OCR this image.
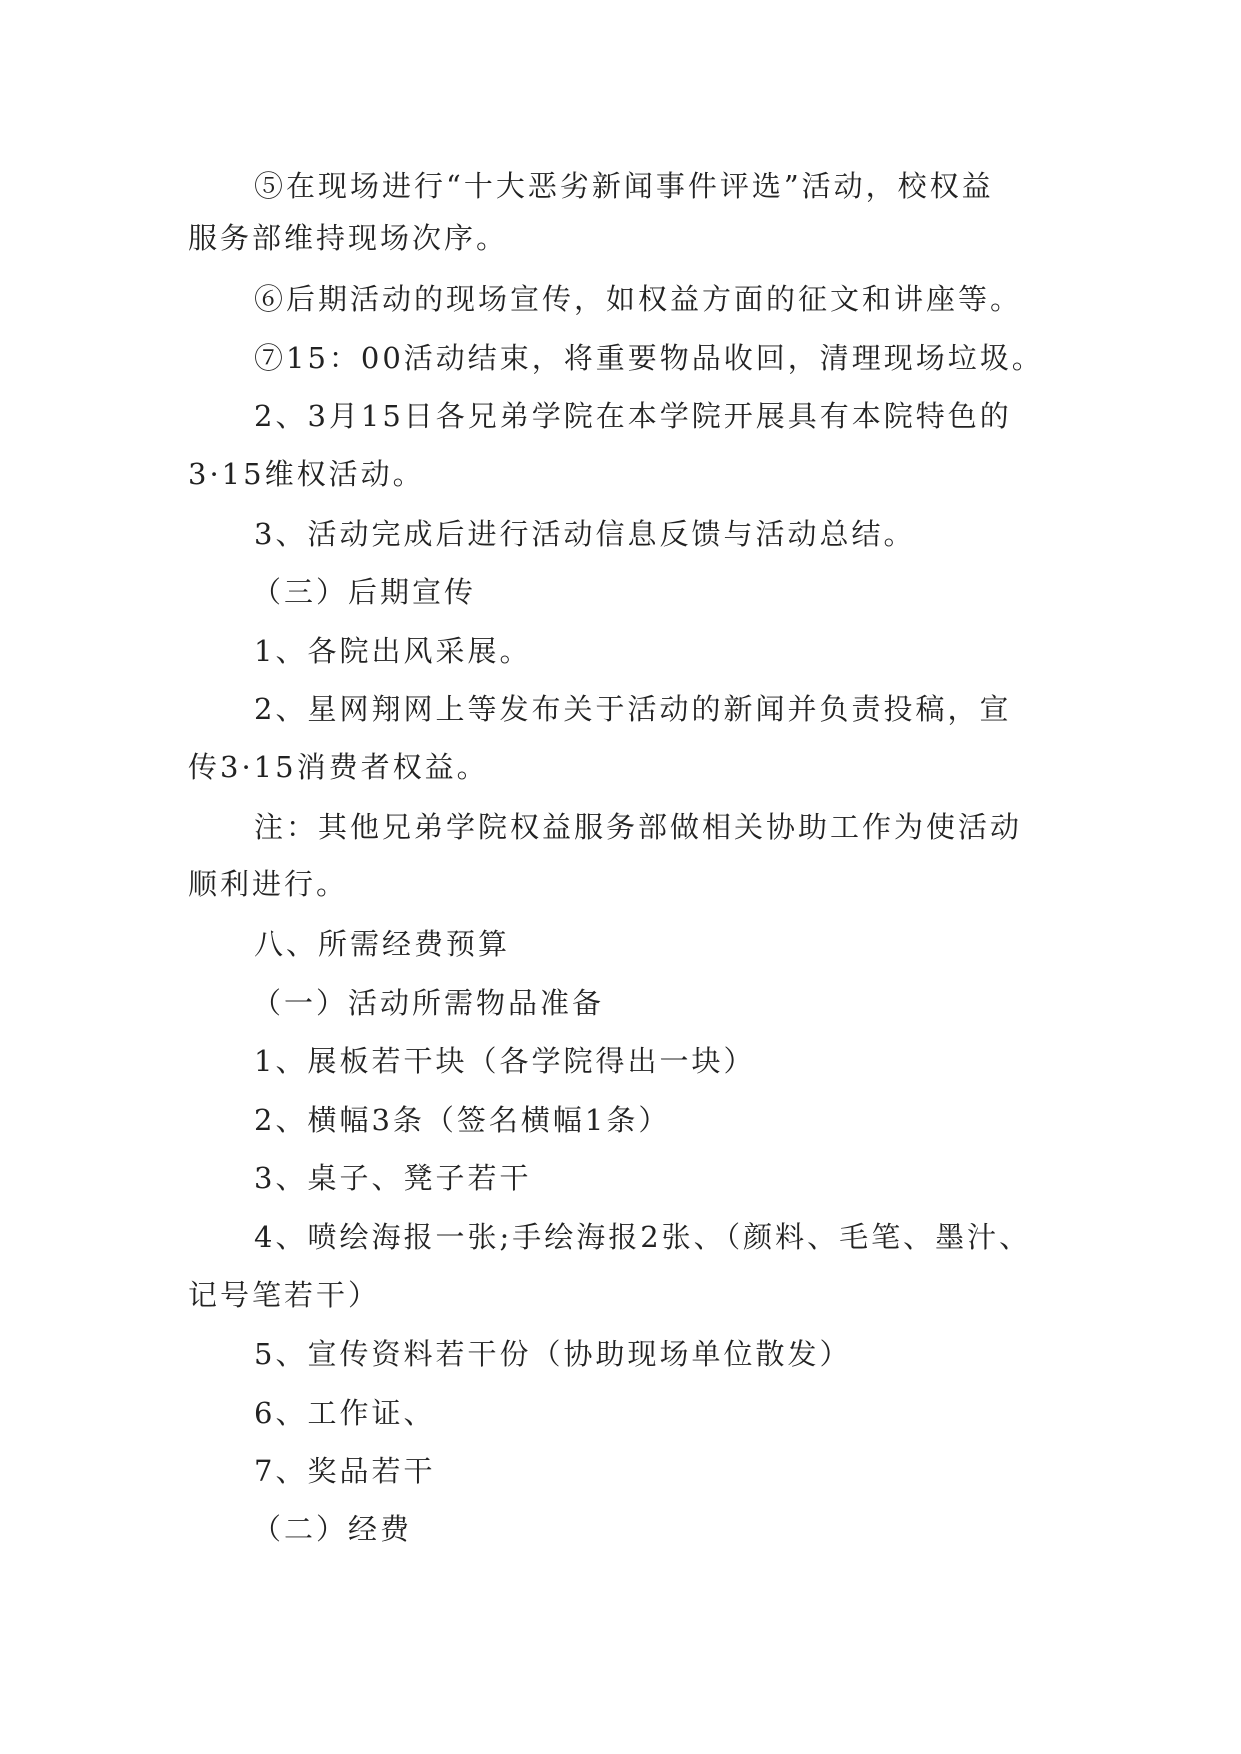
⑤在现场进行“十大恶劣新闻事件评选”活动，校权益
服务部维持现场次序。
⑥后期活动的现场宣传，如权益方面的征文和讲座等。
⑦15：00活动结束，将重要物品收回，清理现场垃圾。
2、3月15日各兄弟学院在本学院开展具有本院特色的
3·15维权活动。
3、活动完成后进行活动信息反馈与活动总结。
（三）后期宣传
1、各院出风采展。
2、星网翔网上等发布关于活动的新闻并负责投稿，宣
传3·15消费者权益。
注：其他兄弟学院权益服务部做相关协助工作为使活动
顺利进行。
八、所需经费预算
（一）活动所需物品准备
1、展板若干块（各学院得出一块）
2、横幅3条（签名横幅1条）
3、桌子、凳子若干
4、喷绘海报一张;手绘海报2张、（颜料、毛笔、墨汁、
记号笔若干）
5、宣传资料若干份（协助现场单位散发）
6、工作证、
7、奖品若干
（二）经费
